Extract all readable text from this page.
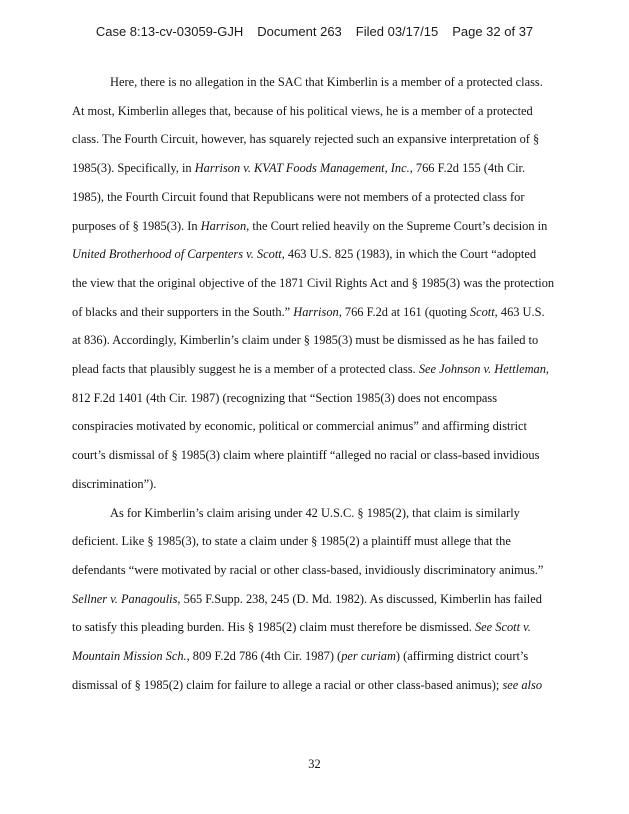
Case 8:13-cv-03059-GJH Document 263 Filed 03/17/15 Page 32 of 37
Here, there is no allegation in the SAC that Kimberlin is a member of a protected class.
At most, Kimberlin alleges that, because of his political views, he is a member of a protected
class. The Fourth Circuit, however, has squarely rejected such an expansive interpretation of §
1985(3). Specifically, in Harrison v. KVAT Foods Management, Inc., 766 F.2d 155 (4th Cir.
1985), the Fourth Circuit found that Republicans were not members of a protected class for
purposes of § 1985(3). In Harrison, the Court relied heavily on the Supreme Court’s decision in
United Brotherhood of Carpenters v. Scott, 463 U.S. 825 (1983), in which the Court “adopted
the view that the original objective of the 1871 Civil Rights Act and § 1985(3) was the protection
of blacks and their supporters in the South.” Harrison, 766 F.2d at 161 (quoting Scott, 463 U.S.
at 836). Accordingly, Kimberlin’s claim under § 1985(3) must be dismissed as he has failed to
plead facts that plausibly suggest he is a member of a protected class. See Johnson v. Hettleman,
812 F.2d 1401 (4th Cir. 1987) (recognizing that “Section 1985(3) does not encompass
conspiracies motivated by economic, political or commercial animus” and affirming district
court’s dismissal of § 1985(3) claim where plaintiff “alleged no racial or class-based invidious
discrimination”).
As for Kimberlin’s claim arising under 42 U.S.C. § 1985(2), that claim is similarly
deficient. Like § 1985(3), to state a claim under § 1985(2) a plaintiff must allege that the
defendants “were motivated by racial or other class-based, invidiously discriminatory animus.”
Sellner v. Panagoulis, 565 F.Supp. 238, 245 (D. Md. 1982). As discussed, Kimberlin has failed
to satisfy this pleading burden. His § 1985(2) claim must therefore be dismissed. See Scott v.
Mountain Mission Sch., 809 F.2d 786 (4th Cir. 1987) (per curiam) (affirming district court’s
dismissal of § 1985(2) claim for failure to allege a racial or other class-based animus); see also
32
